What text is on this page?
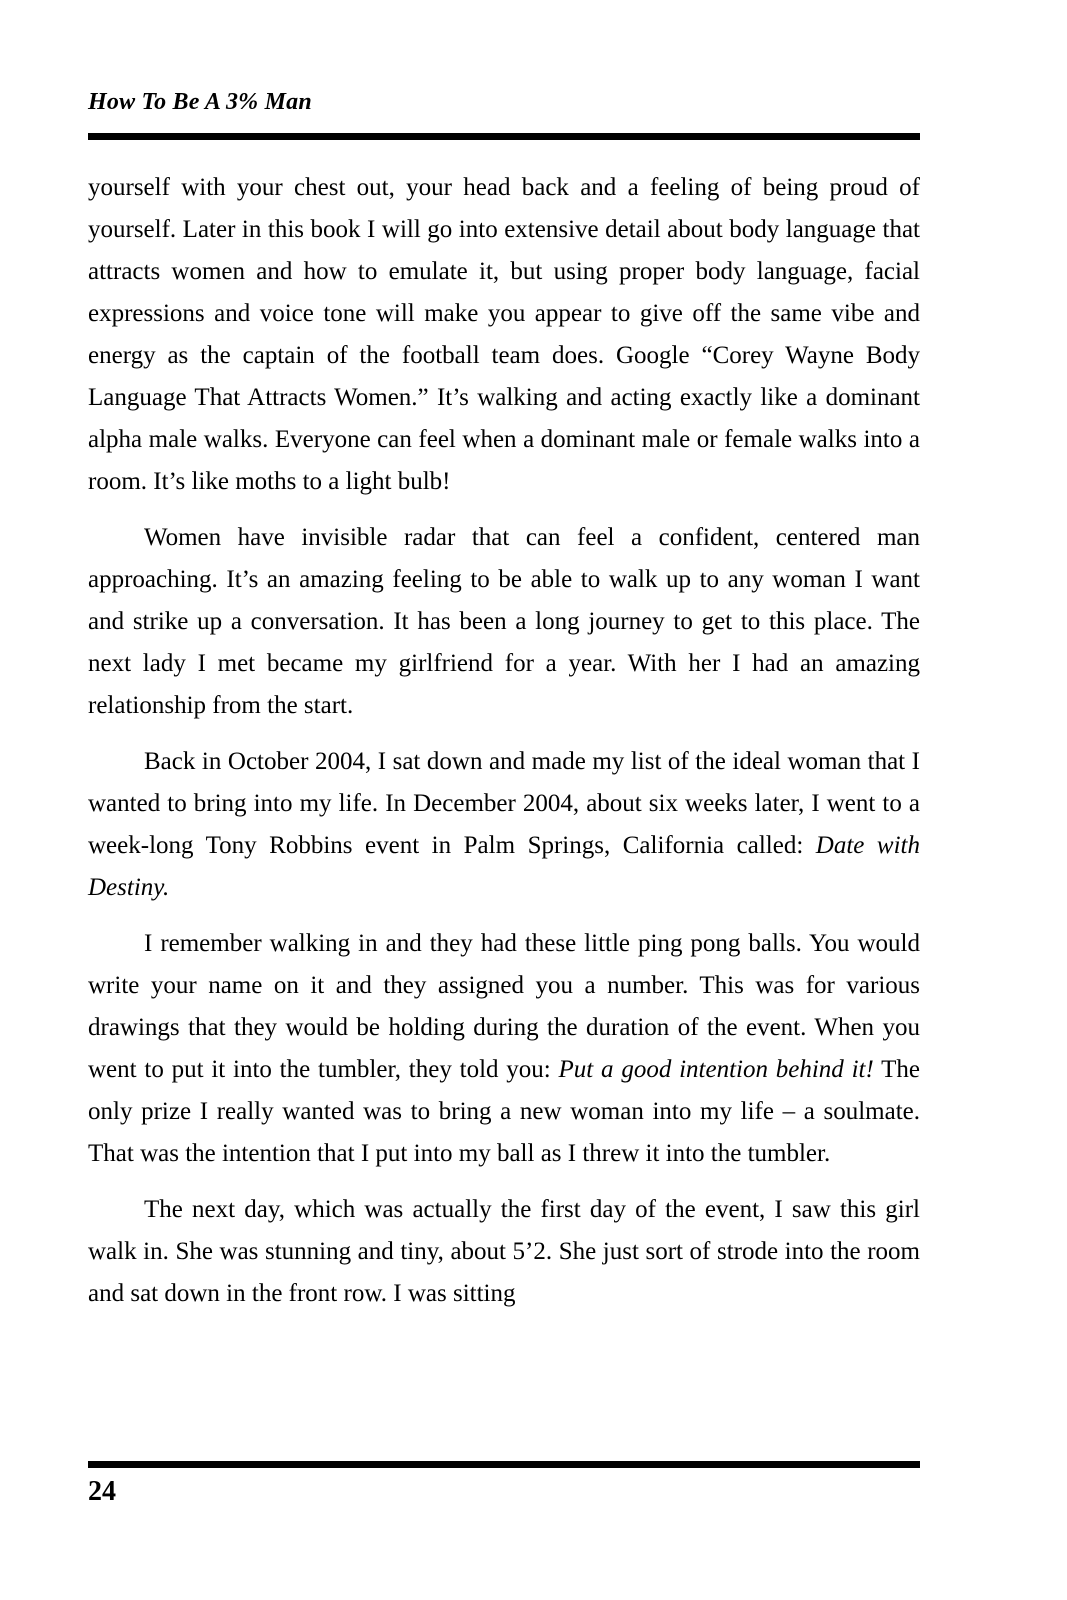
How To Be A 3% Man

yourself with your chest out, your head back and a feeling of being proud of yourself. Later in this book I will go into extensive detail about body language that attracts women and how to emulate it, but using proper body language, facial expressions and voice tone will make you appear to give off the same vibe and energy as the captain of the football team does. Google “Corey Wayne Body Language That Attracts Women.” It’s walking and acting exactly like a dominant alpha male walks. Everyone can feel when a dominant male or female walks into a room. It’s like moths to a light bulb!

Women have invisible radar that can feel a confident, centered man approaching. It’s an amazing feeling to be able to walk up to any woman I want and strike up a conversation. It has been a long journey to get to this place. The next lady I met became my girlfriend for a year. With her I had an amazing relationship from the start.

Back in October 2004, I sat down and made my list of the ideal woman that I wanted to bring into my life. In December 2004, about six weeks later, I went to a week-long Tony Robbins event in Palm Springs, California called: Date with Destiny.

I remember walking in and they had these little ping pong balls. You would write your name on it and they assigned you a number. This was for various drawings that they would be holding during the duration of the event. When you went to put it into the tumbler, they told you: Put a good intention behind it! The only prize I really wanted was to bring a new woman into my life – a soulmate. That was the intention that I put into my ball as I threw it into the tumbler.

The next day, which was actually the first day of the event, I saw this girl walk in. She was stunning and tiny, about 5’2. She just sort of strode into the room and sat down in the front row. I was sitting

24
